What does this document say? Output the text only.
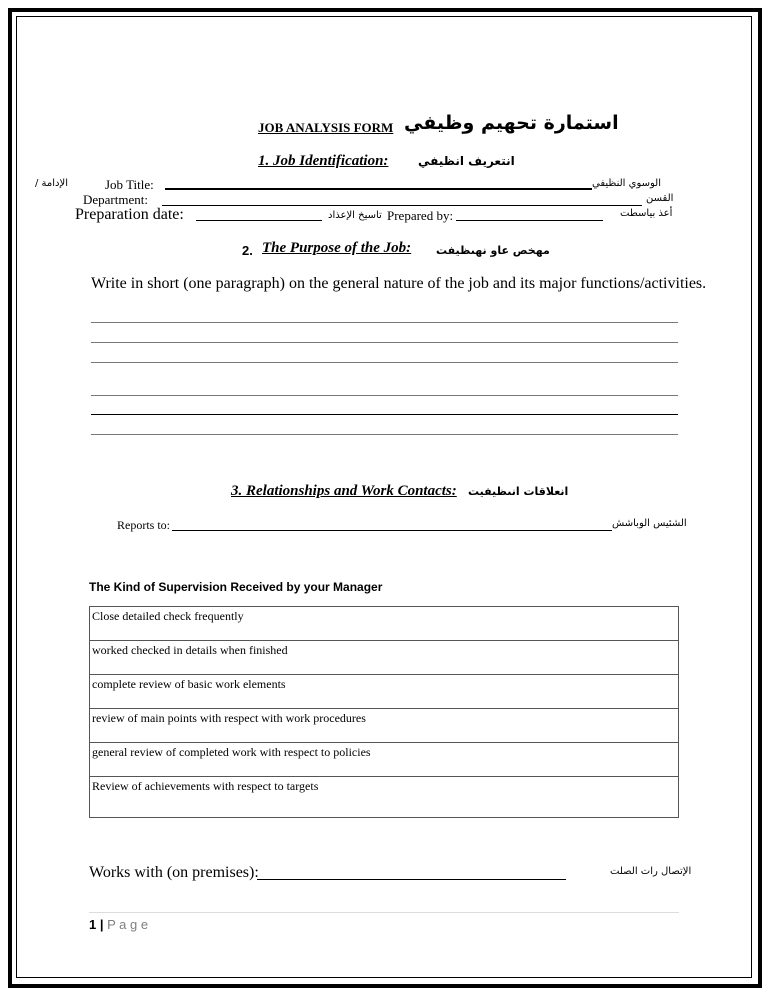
JOB ANALYSIS FORM استمارة تحهيم وظيفي
1. Job Identification: انتعريف انظيفي
الإدامة /	Job Title:	الوسوي النظيفي
Department:	القسن
Preparation date:	تاسيخ الإعذاد Prepared by:	أعذ بياسطت
2. The Purpose of the Job: مهخص عاو نهىظيفت
Write in short (one paragraph) on the general nature of the job and its major functions/activities.
3. Relationships and Work Contacts: انعلاقات انىظيفيت
Reports to:	الشئيس الوباشش
The Kind of Supervision Received by your Manager
Close detailed check frequently
worked checked in details when finished
complete review of basic work elements
review of main points with respect with work procedures
general review of completed work with respect to policies
Review of achievements with respect to targets
Works with (on premises):	الإتصال رات الصلت
1 | P a g e
